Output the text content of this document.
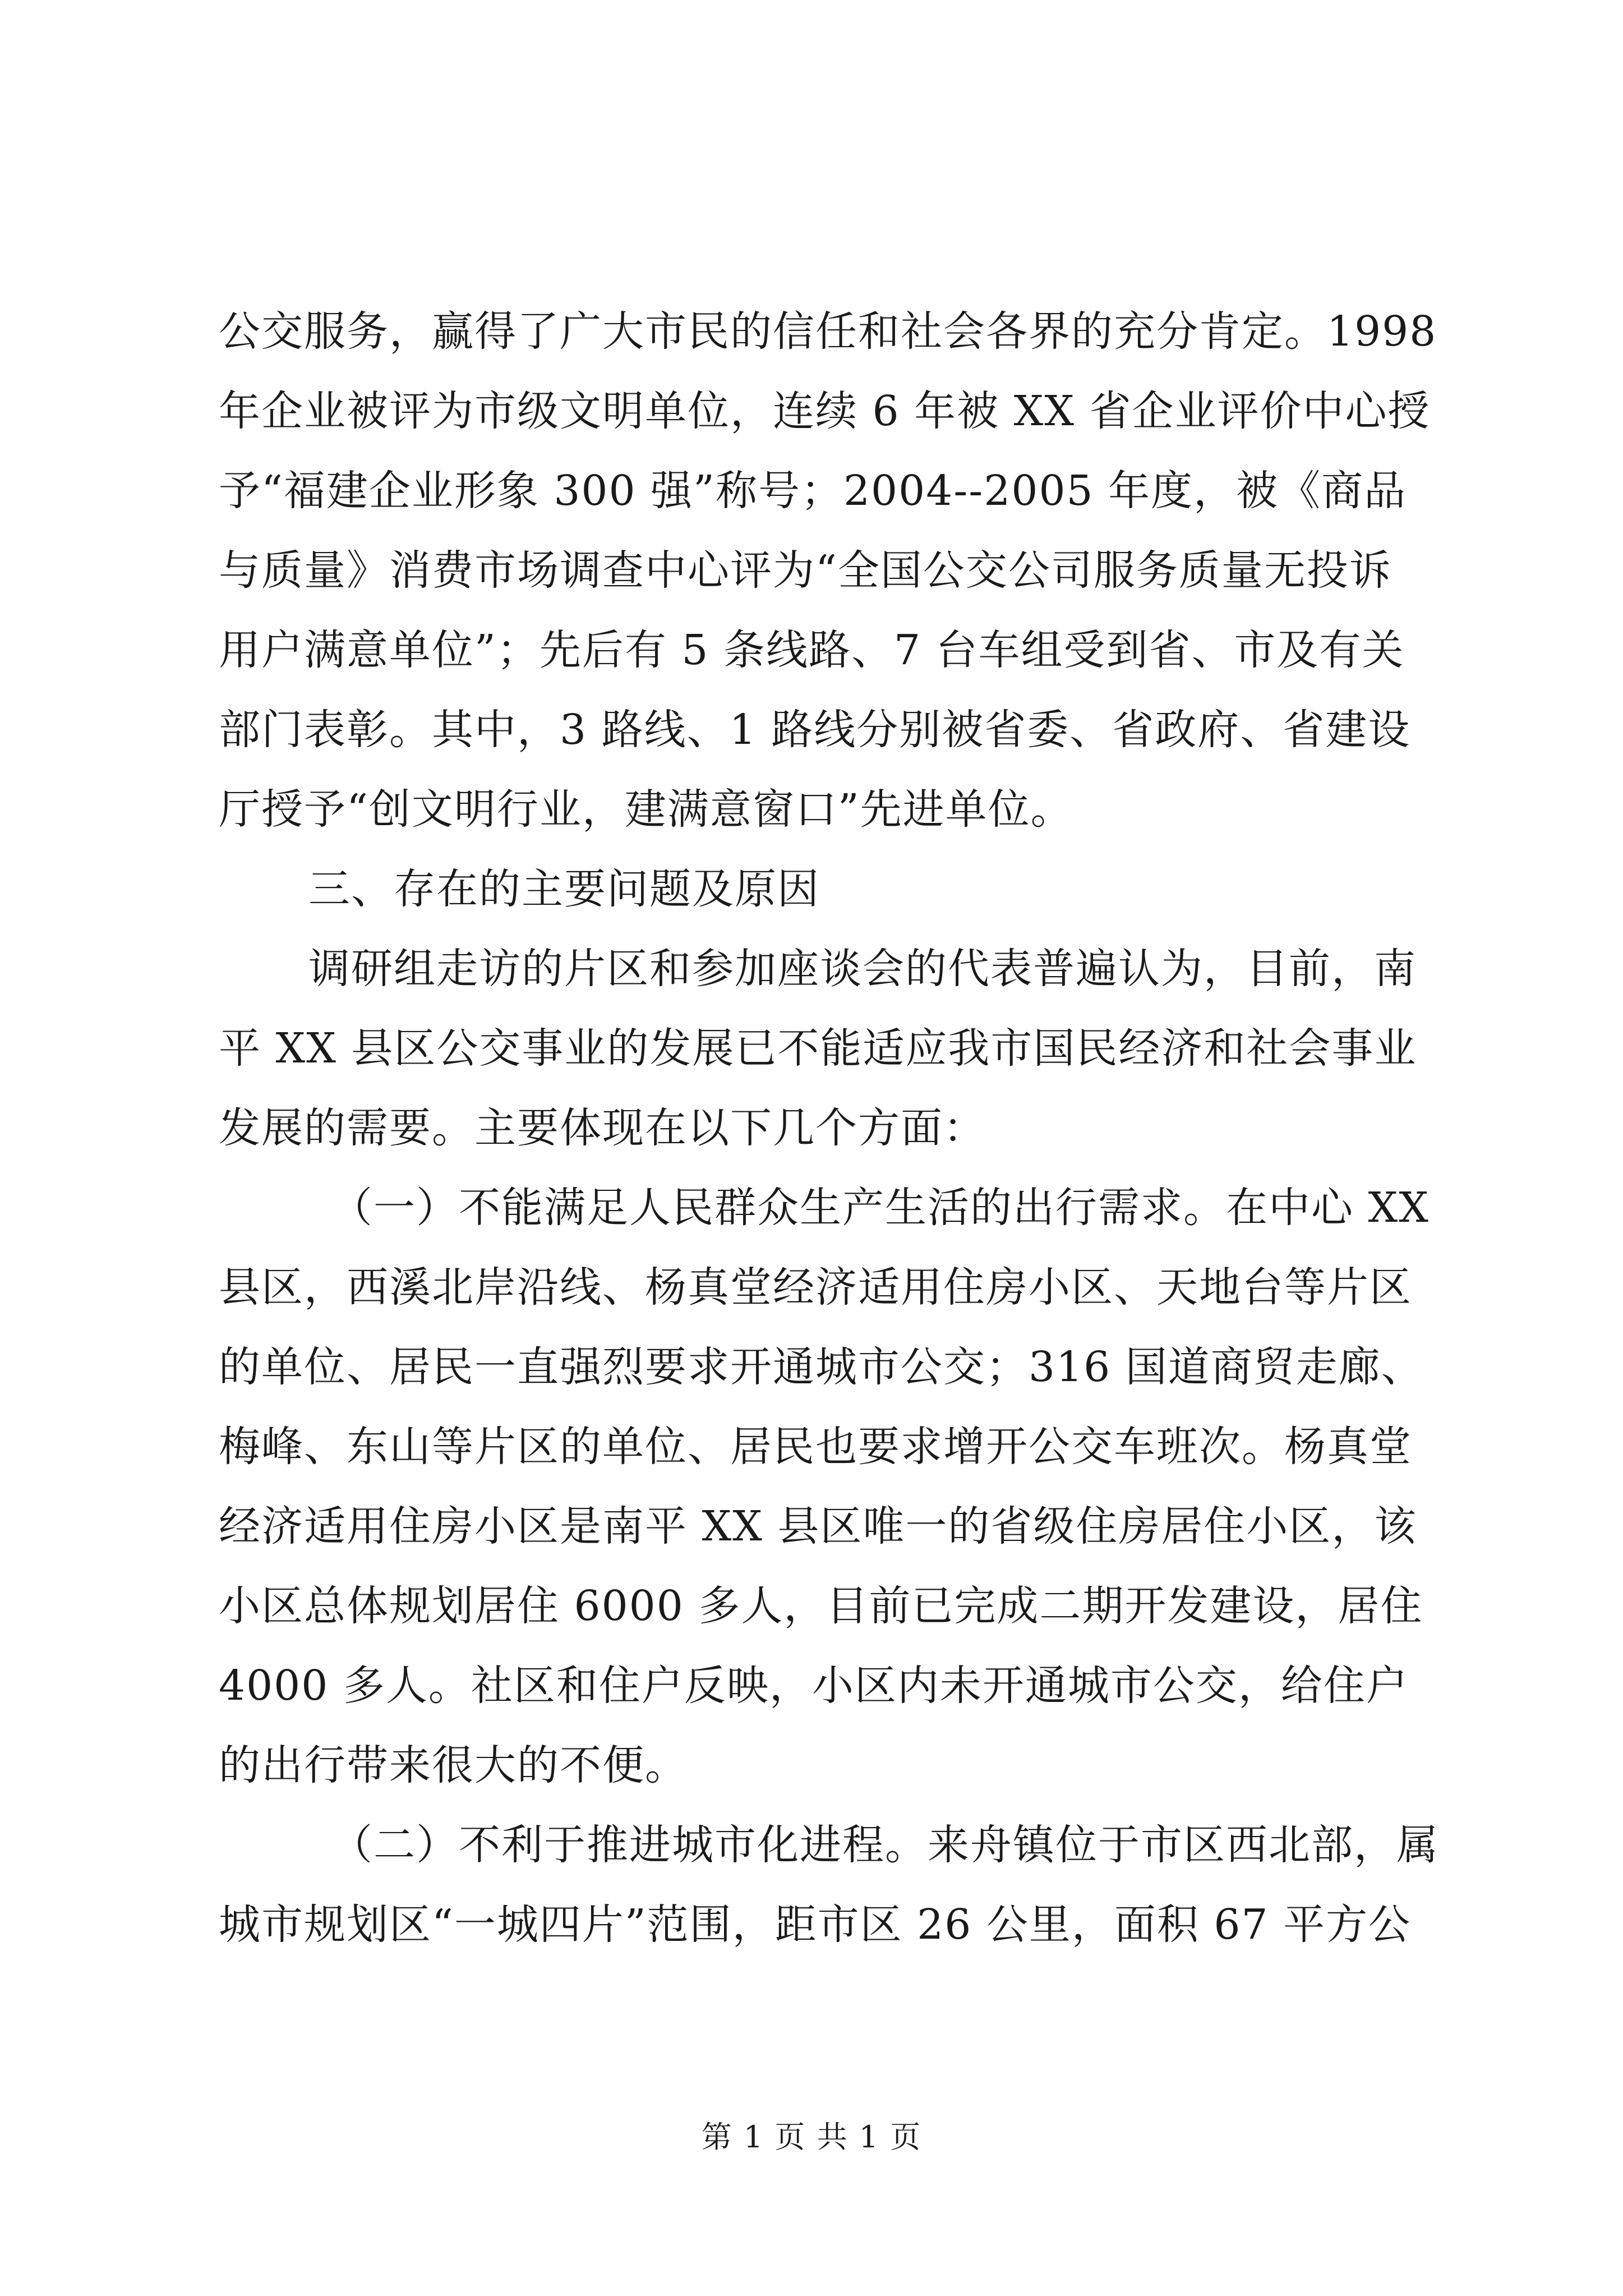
公交服务，赢得了广大市民的信任和社会各界的充分肯定。1998
年企业被评为市级文明单位，连续 6 年被 XX 省企业评价中心授
予“福建企业形象 300 强”称号；2004--2005 年度，被《商品
与质量》消费市场调查中心评为“全国公交公司服务质量无投诉
用户满意单位”；先后有 5 条线路、7 台车组受到省、市及有关
部门表彰。其中，3 路线、1 路线分别被省委、省政府、省建设
厅授予“创文明行业，建满意窗口”先进单位。
三、存在的主要问题及原因
调研组走访的片区和参加座谈会的代表普遍认为，目前，南
平 XX 县区公交事业的发展已不能适应我市国民经济和社会事业
发展的需要。主要体现在以下几个方面：
（一）不能满足人民群众生产生活的出行需求。在中心 XX
县区，西溪北岸沿线、杨真堂经济适用住房小区、天地台等片区
的单位、居民一直强烈要求开通城市公交；316 国道商贸走廊、
梅峰、东山等片区的单位、居民也要求增开公交车班次。杨真堂
经济适用住房小区是南平 XX 县区唯一的省级住房居住小区，该
小区总体规划居住 6000 多人，目前已完成二期开发建设，居住
4000 多人。社区和住户反映，小区内未开通城市公交，给住户
的出行带来很大的不便。
（二）不利于推进城市化进程。来舟镇位于市区西北部，属
城市规划区“一城四片”范围，距市区 26 公里，面积 67 平方公
第 1 页 共 1 页
